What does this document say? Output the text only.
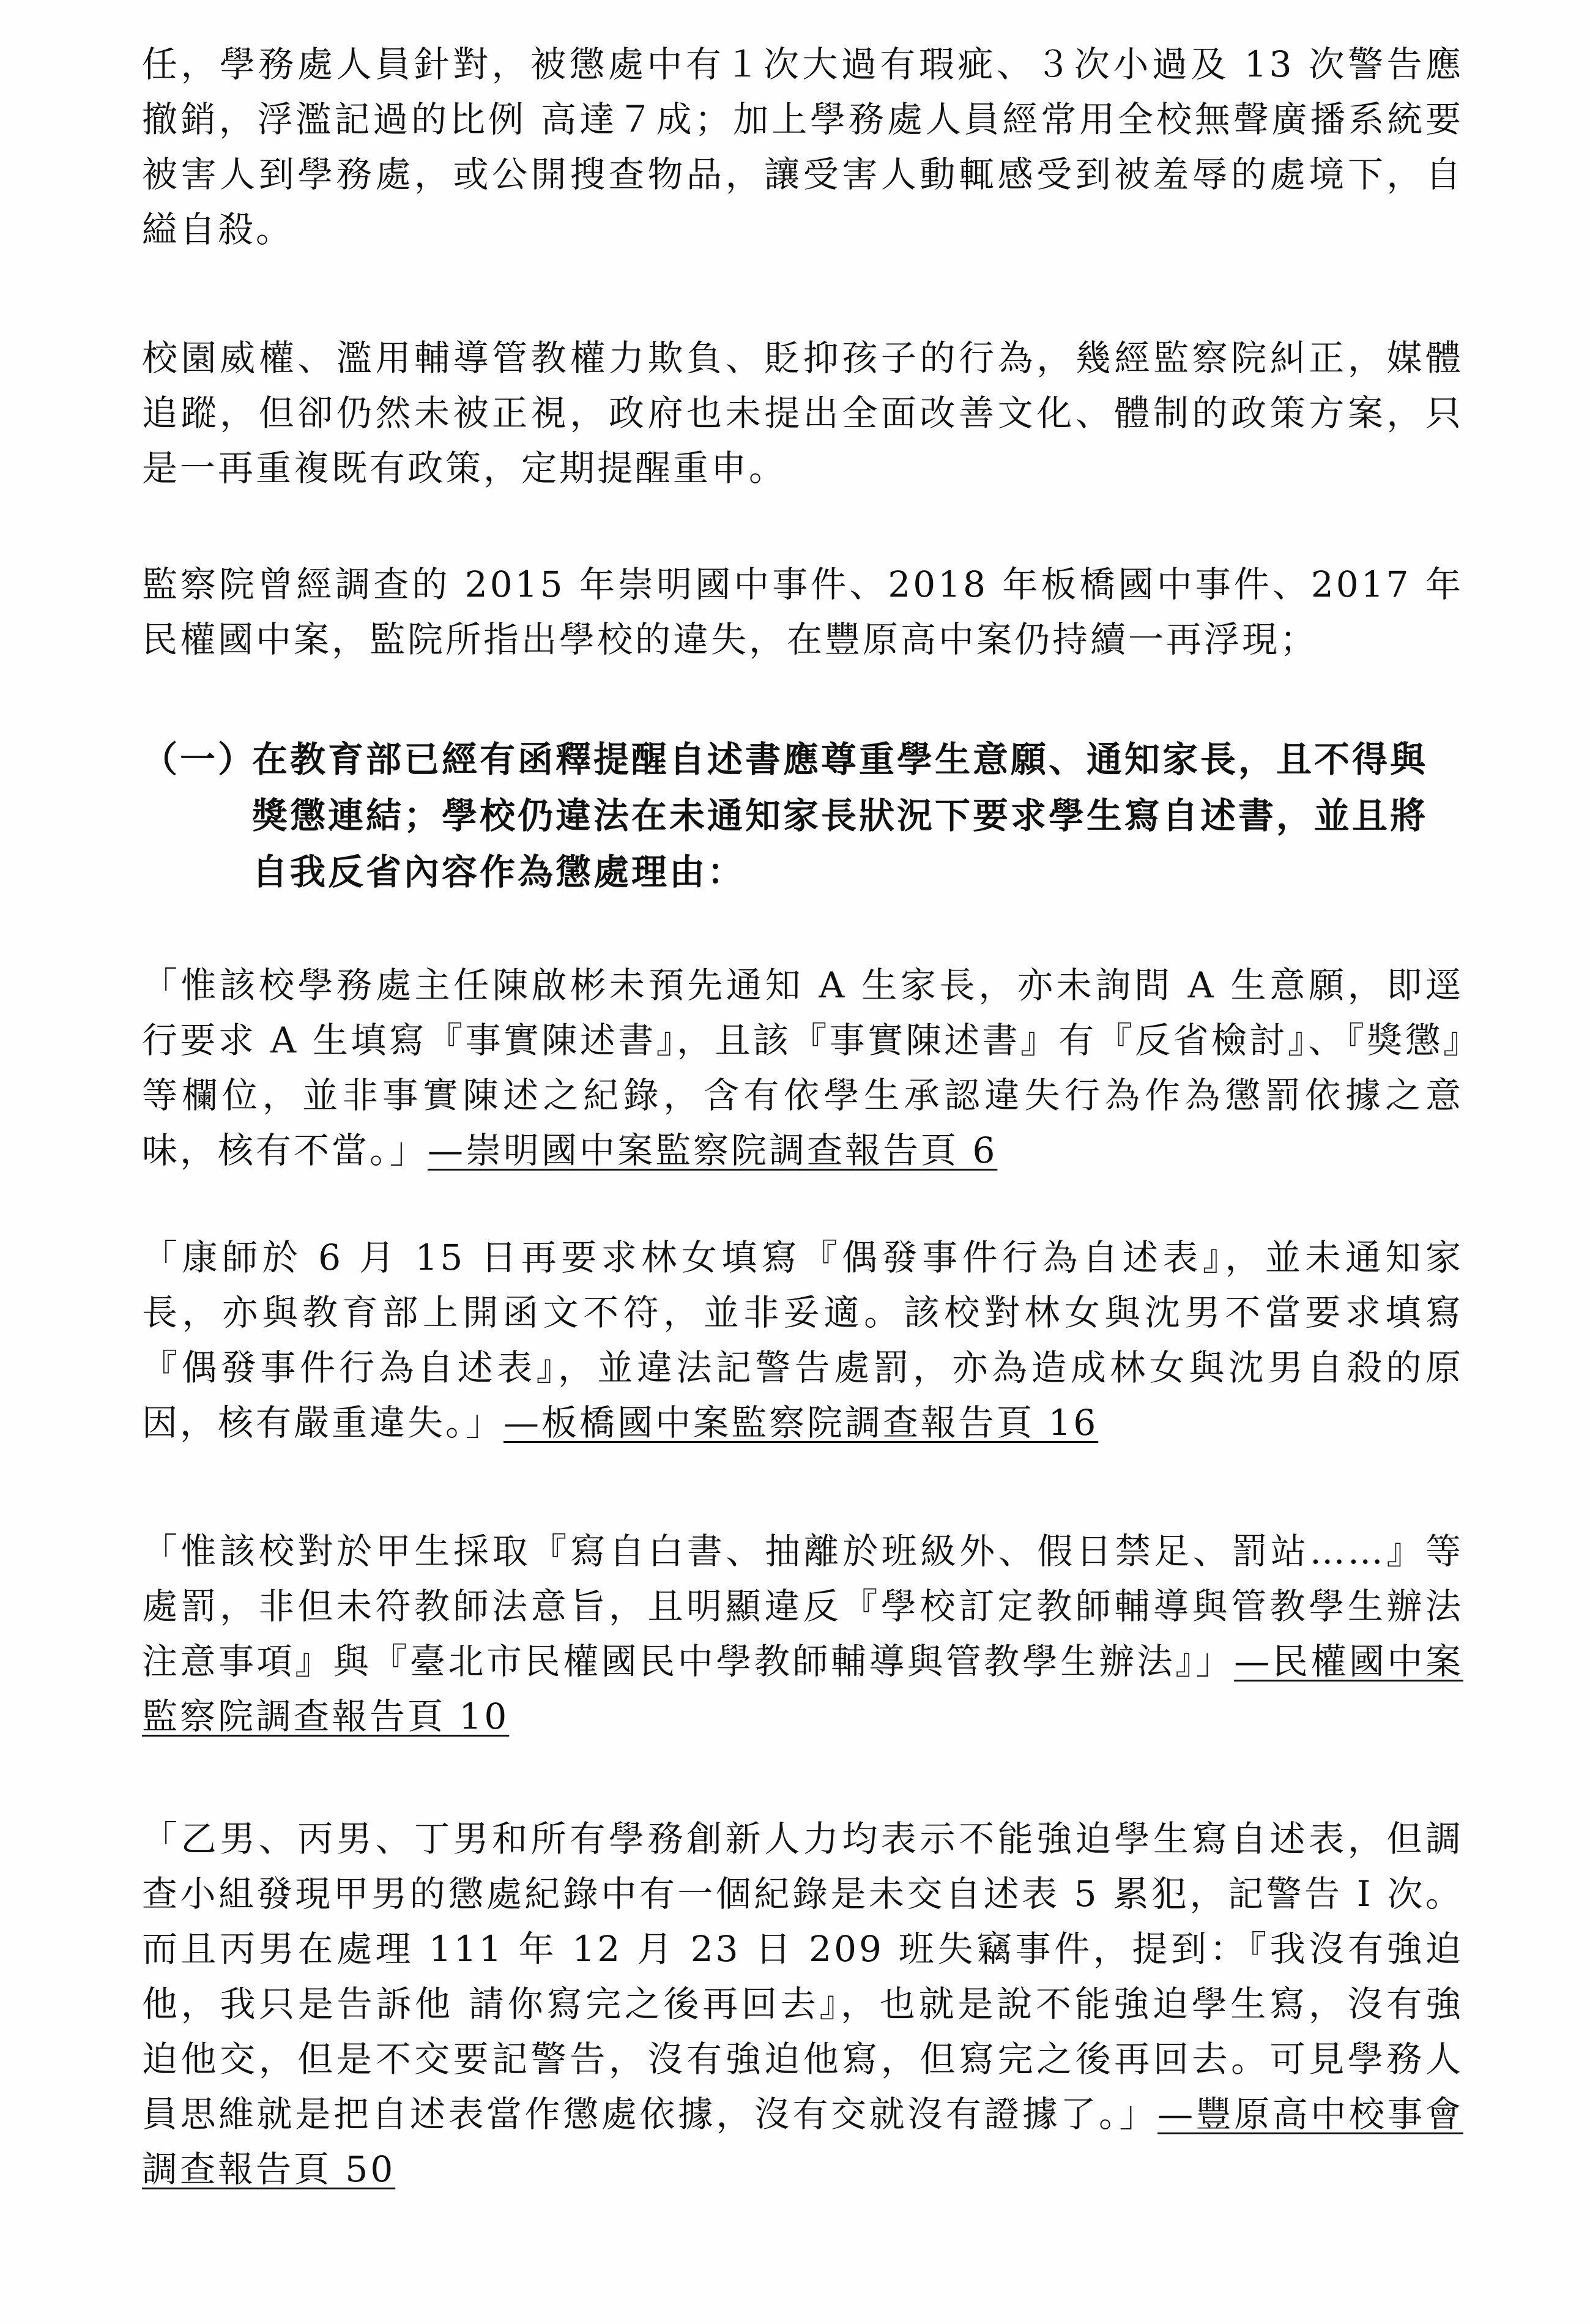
任，學務處人員針對，被懲處中有１次大過有瑕疵、３次小過及 13 次警告應撤銷，浮濫記過的比例 高達７成；加上學務處人員經常用全校無聲廣播系統要被害人到學務處，或公開搜查物品，讓受害人動輒感受到被羞辱的處境下，自縊自殺。

校園威權、濫用輔導管教權力欺負、貶抑孩子的行為，幾經監察院糾正，媒體追蹤，但卻仍然未被正視，政府也未提出全面改善文化、體制的政策方案，只是一再重複既有政策，定期提醒重申。

監察院曾經調查的 2015 年崇明國中事件、2018 年板橋國中事件、2017 年民權國中案，監院所指出學校的違失，在豐原高中案仍持續一再浮現；

（一）
在教育部已經有函釋提醒自述書應尊重學生意願、通知家長，且不得與獎懲連結；學校仍違法在未通知家長狀況下要求學生寫自述書，並且將自我反省內容作為懲處理由：

「惟該校學務處主任陳啟彬未預先通知 A 生家長，亦未詢問 A 生意願，即逕行要求 A 生填寫『事實陳述書』，且該『事實陳述書』有『反省檢討』、『獎懲』等欄位，並非事實陳述之紀錄，含有依學生承認違失行為作為懲罰依據之意味，核有不當。」—崇明國中案監察院調查報告頁 6

「康師於 6 月 15 日再要求林女填寫『偶發事件行為自述表』，並未通知家長，亦與教育部上開函文不符，並非妥適。該校對林女與沈男不當要求填寫『偶發事件行為自述表』，並違法記警告處罰，亦為造成林女與沈男自殺的原因，核有嚴重違失。」—板橋國中案監察院調查報告頁 16

「惟該校對於甲生採取『寫自白書、抽離於班級外、假日禁足、罰站……』等處罰，非但未符教師法意旨，且明顯違反『學校訂定教師輔導與管教學生辦法注意事項』與『臺北市民權國民中學教師輔導與管教學生辦法』」—民權國中案監察院調查報告頁 10

「乙男、丙男、丁男和所有學務創新人力均表示不能強迫學生寫自述表，但調查小組發現甲男的懲處紀錄中有一個紀錄是未交自述表 5 累犯，記警告 I 次。而且丙男在處理 111 年 12 月 23 日 209 班失竊事件，提到：『我沒有強迫他，我只是告訴他 請你寫完之後再回去』，也就是說不能強迫學生寫，沒有強迫他交，但是不交要記警告，沒有強迫他寫，但寫完之後再回去。可見學務人員思維就是把自述表當作懲處依據，沒有交就沒有證據了。」—豐原高中校事會調查報告頁 50
